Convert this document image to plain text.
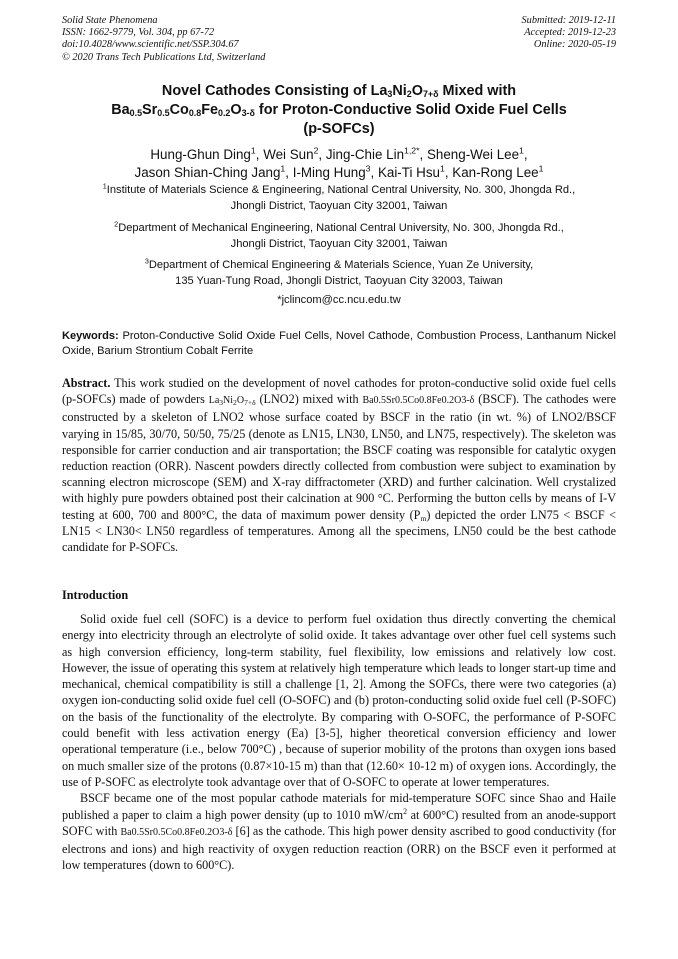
Solid State Phenomena
ISSN: 1662-9779, Vol. 304, pp 67-72
doi:10.4028/www.scientific.net/SSP.304.67
© 2020 Trans Tech Publications Ltd, Switzerland
Submitted: 2019-12-11
Accepted: 2019-12-23
Online: 2020-05-19
Novel Cathodes Consisting of $La_3Ni_2O_{7+\delta}$ Mixed with
$Ba_{0.5}Sr_{0.5}Co_{0.8}Fe_{0.2}O_{3-\delta}$ for Proton-Conductive Solid Oxide Fuel Cells
(p-SOFCs)
Hung-Ghun Ding$^1$, Wei Sun$^2$, Jing-Chie Lin$^{1,2*}$, Sheng-Wei Lee$^1$,
Jason Shian-Ching Jang$^1$, I-Ming Hung$^3$, Kai-Ti Hsu$^1$, Kan-Rong Lee$^1$
$^1$Institute of Materials Science & Engineering, National Central University, No. 300, Jhongda Rd.,
Jhongli District, Taoyuan City 32001, Taiwan
$^2$Department of Mechanical Engineering, National Central University, No. 300, Jhongda Rd.,
Jhongli District, Taoyuan City 32001, Taiwan
$^3$Department of Chemical Engineering & Materials Science, Yuan Ze University,
135 Yuan-Tung Road, Jhongli District, Taoyuan City 32003, Taiwan
*jclincom@cc.ncu.edu.tw
Keywords: Proton-Conductive Solid Oxide Fuel Cells, Novel Cathode, Combustion Process, Lanthanum Nickel Oxide, Barium Strontium Cobalt Ferrite
Abstract. This work studied on the development of novel cathodes for proton-conductive solid oxide fuel cells (p-SOFCs) made of powders $La_3Ni_2O_{7+\delta}$ (LNO2) mixed with Ba0.5Sr0.5Co0.8Fe0.2O3-δ (BSCF). The cathodes were constructed by a skeleton of LNO2 whose surface coated by BSCF in the ratio (in wt. %) of LNO2/BSCF varying in 15/85, 30/70, 50/50, 75/25 (denote as LN15, LN30, LN50, and LN75, respectively). The skeleton was responsible for carrier conduction and air transportation; the BSCF coating was responsible for catalytic oxygen reduction reaction (ORR). Nascent powders directly collected from combustion were subject to examination by scanning electron microscope (SEM) and X-ray diffractometer (XRD) and further calcination. Well crystalized with highly pure powders obtained post their calcination at 900 °C. Performing the button cells by means of I-V testing at 600, 700 and 800°C, the data of maximum power density $(P_m)$ depicted the order LN75 < BSCF < LN15 < LN30< LN50 regardless of temperatures. Among all the specimens, LN50 could be the best cathode candidate for P-SOFCs.
Introduction

Solid oxide fuel cell (SOFC) is a device to perform fuel oxidation thus directly converting the chemical energy into electricity through an electrolyte of solid oxide. It takes advantage over other fuel cell systems such as high conversion efficiency, long-term stability, fuel flexibility, low emissions and relatively low cost. However, the issue of operating this system at relatively high temperature which leads to longer start-up time and mechanical, chemical compatibility is still a challenge [1, 2]. Among the SOFCs, there were two categories (a) oxygen ion-conducting solid oxide fuel cell (O-SOFC) and (b) proton-conducting solid oxide fuel cell (P-SOFC) on the basis of the functionality of the electrolyte. By comparing with O-SOFC, the performance of P-SOFC could benefit with less activation energy (Ea) [3-5], higher theoretical conversion efficiency and lower operational temperature (i.e., below 700°C) , because of superior mobility of the protons than oxygen ions based on much smaller size of the protons (0.87×10-15 m) than that (12.60× 10-12 m) of oxygen ions. Accordingly, the use of P-SOFC as electrolyte took advantage over that of O-SOFC to operate at lower temperatures.

BSCF became one of the most popular cathode materials for mid-temperature SOFC since Shao and Haile published a paper to claim a high power density (up to 1010 $mW/cm^2$ at 600°C) resulted from an anode-support SOFC with Ba0.5Sr0.5Co0.8Fe0.2O3-δ [6] as the cathode. This high power density ascribed to good conductivity (for electrons and ions) and high reactivity of oxygen reduction reaction (ORR) on the BSCF even it performed at low temperatures (down to 600°C).
